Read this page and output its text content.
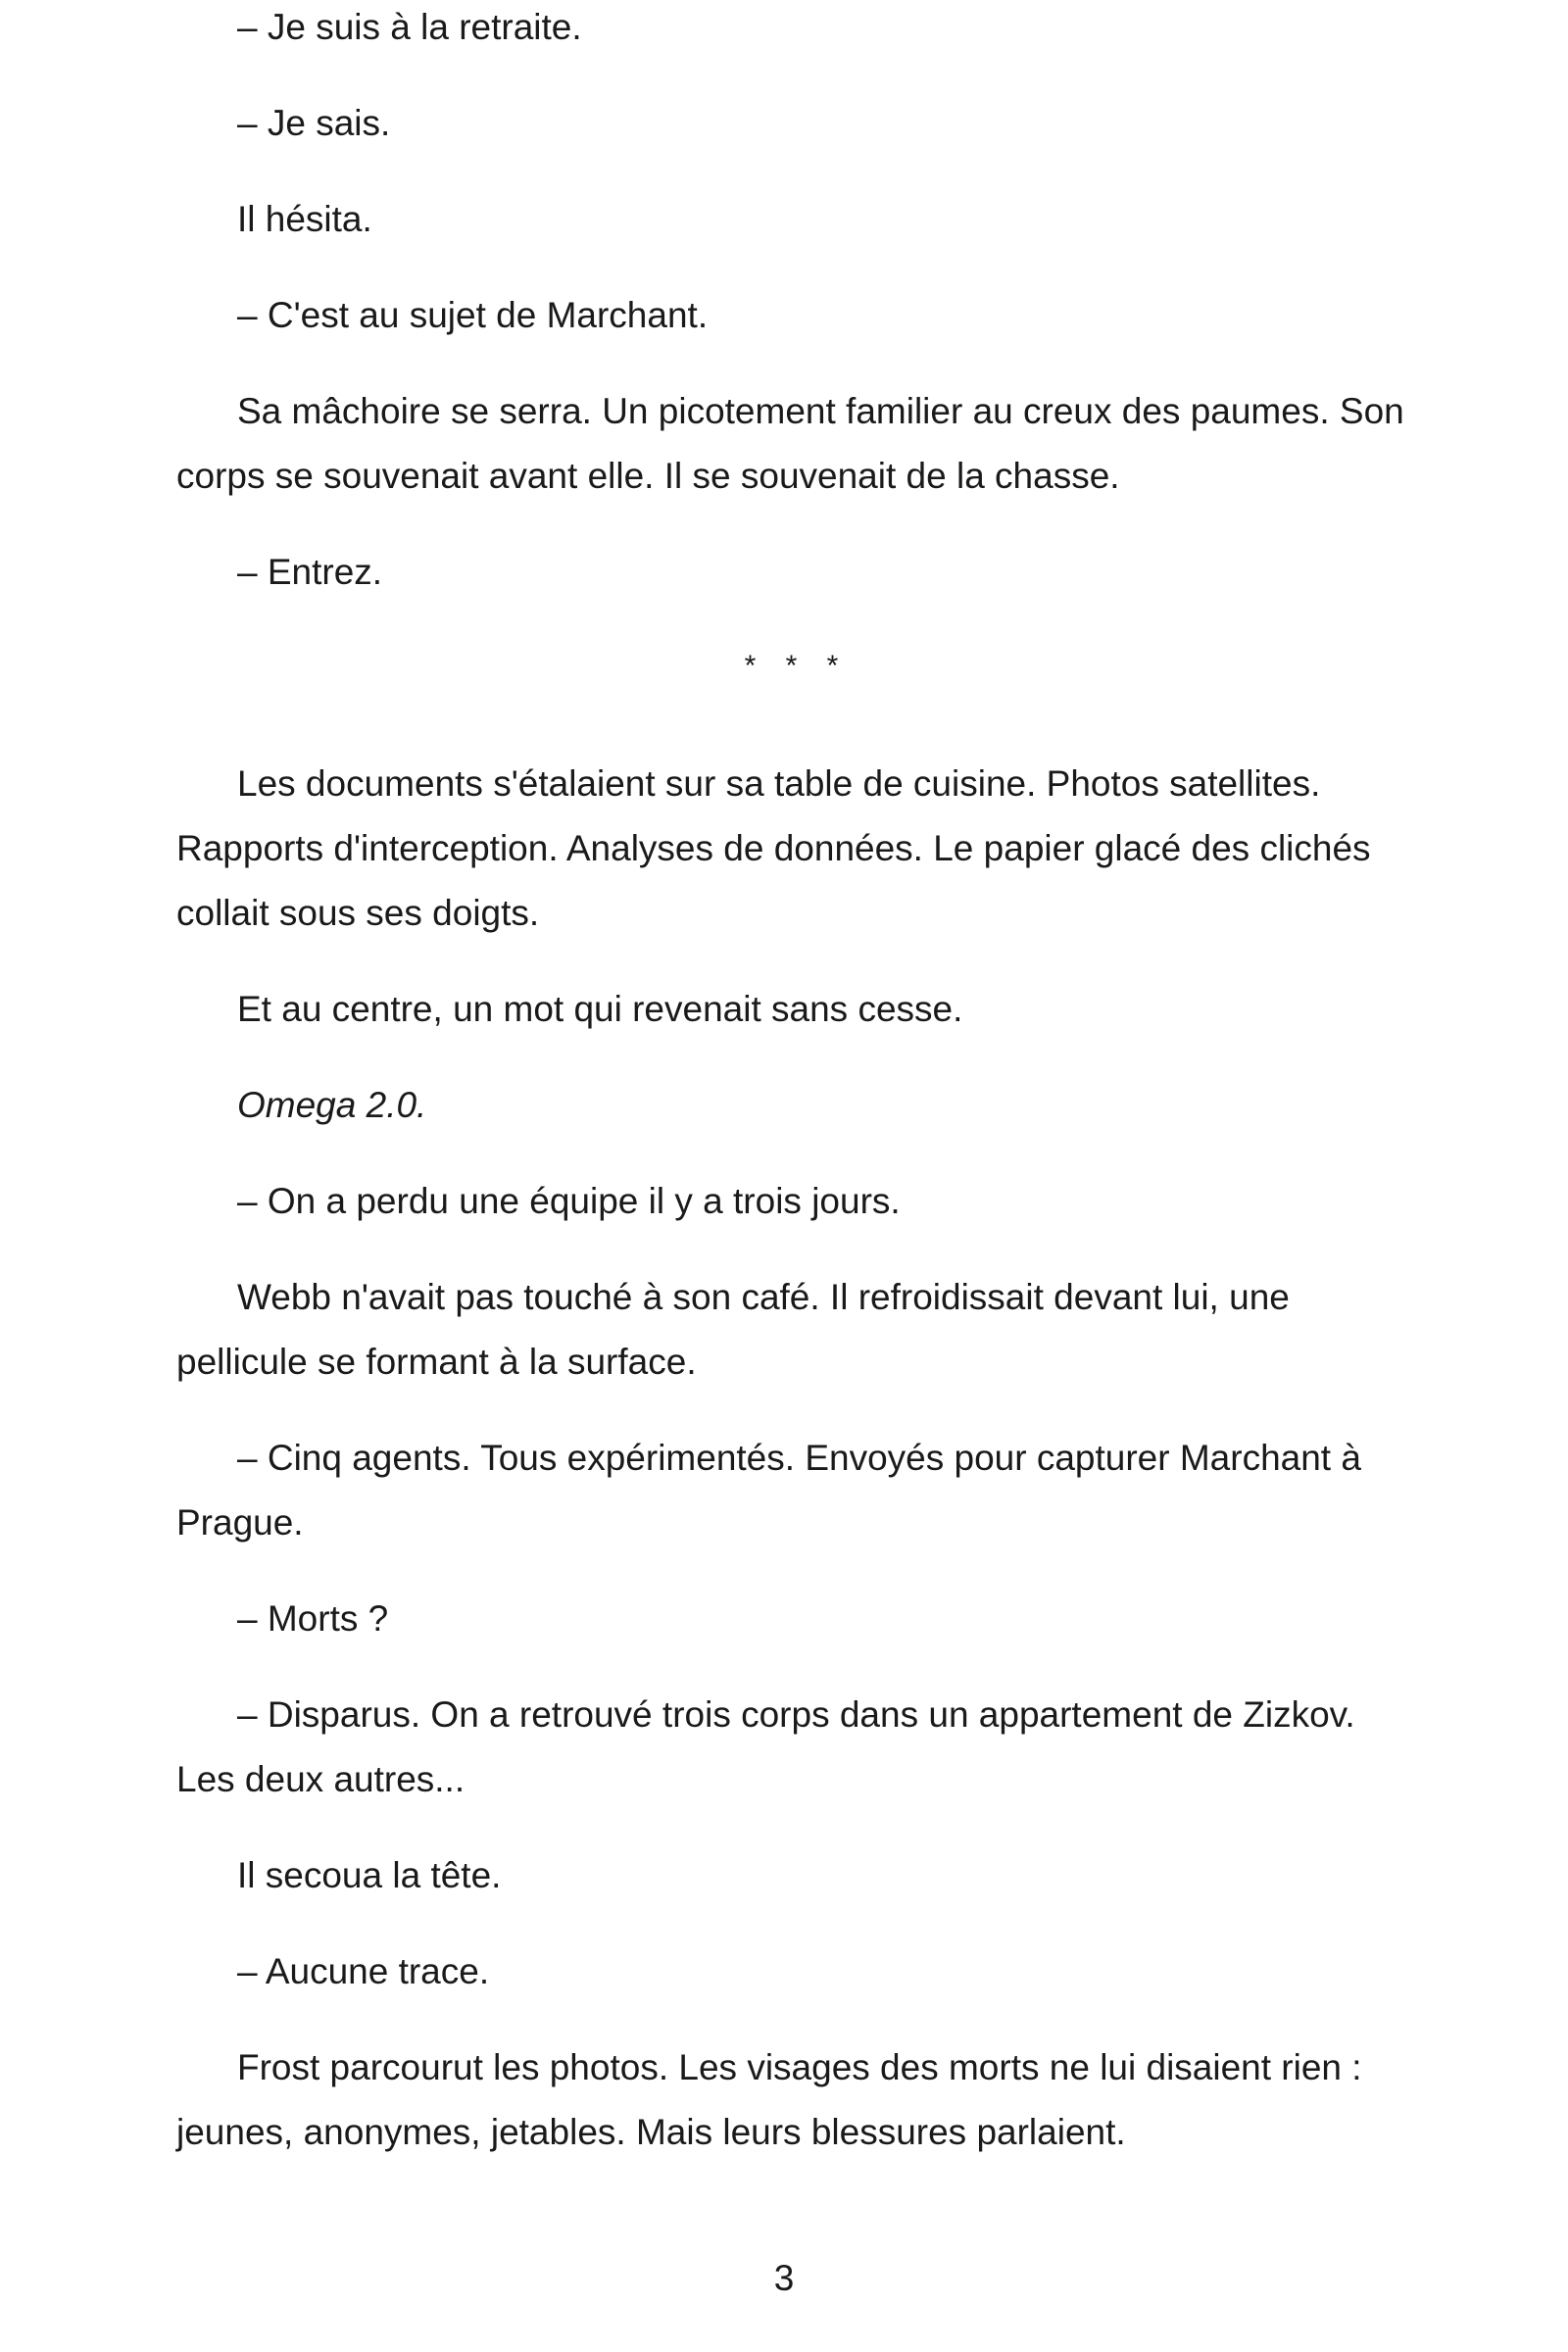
– Je suis à la retraite.

– Je sais.

Il hésita.

– C'est au sujet de Marchant.

Sa mâchoire se serra. Un picotement familier au creux des paumes. Son corps se souvenait avant elle. Il se souvenait de la chasse.

– Entrez.

* * *

Les documents s'étalaient sur sa table de cuisine. Photos satellites. Rapports d'interception. Analyses de données. Le papier glacé des clichés collait sous ses doigts.

Et au centre, un mot qui revenait sans cesse.

Omega 2.0.

– On a perdu une équipe il y a trois jours.

Webb n'avait pas touché à son café. Il refroidissait devant lui, une pellicule se formant à la surface.

– Cinq agents. Tous expérimentés. Envoyés pour capturer Marchant à Prague.

– Morts ?

– Disparus. On a retrouvé trois corps dans un appartement de Zizkov. Les deux autres...

Il secoua la tête.

– Aucune trace.

Frost parcourut les photos. Les visages des morts ne lui disaient rien : jeunes, anonymes, jetables. Mais leurs blessures parlaient.

3
